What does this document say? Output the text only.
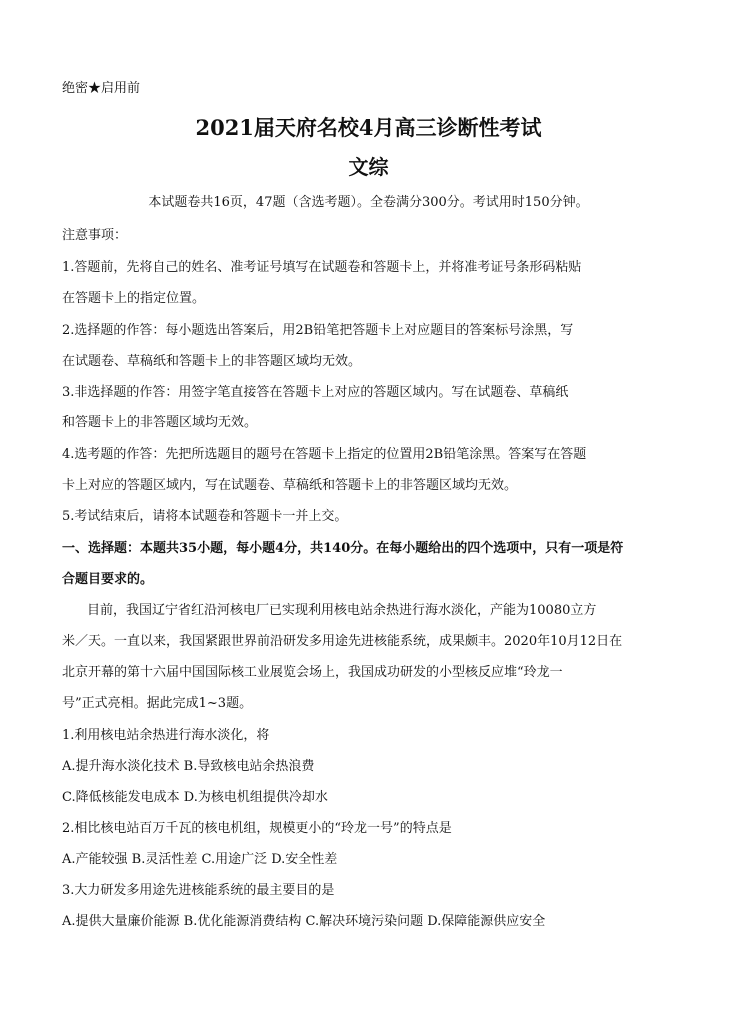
绝密★启用前
2021届天府名校4月高三诊断性考试
文综
本试题卷共16页，47题（含选考题）。全卷满分300分。考试用时150分钟。
注意事项：
1.答题前，先将自己的姓名、准考证号填写在试题卷和答题卡上，并将准考证号条形码粘贴
在答题卡上的指定位置。
2.选择题的作答：每小题选出答案后，用2B铅笔把答题卡上对应题目的答案标号涂黑，写
在试题卷、草稿纸和答题卡上的非答题区域均无效。
3.非选择题的作答：用签字笔直接答在答题卡上对应的答题区域内。写在试题卷、草稿纸
和答题卡上的非答题区域均无效。
4.选考题的作答：先把所选题目的题号在答题卡上指定的位置用2B铅笔涂黑。答案写在答题
卡上对应的答题区域内，写在试题卷、草稿纸和答题卡上的非答题区域均无效。
5.考试结束后，请将本试题卷和答题卡一并上交。
一、选择题：本题共35小题，每小题4分，共140分。在每小题给出的四个选项中，只有一项是符
合题目要求的。
目前，我国辽宁省红沿河核电厂已实现利用核电站余热进行海水淡化，产能为10080立方
米／天。一直以来，我国紧跟世界前沿研发多用途先进核能系统，成果颇丰。2020年10月12日在
北京开幕的第十六届中国国际核工业展览会场上，我国成功研发的小型核反应堆“玲龙一
号”正式亮相。据此完成1~3题。
1.利用核电站余热进行海水淡化，将
A.提升海水淡化技术 B.导致核电站余热浪费
C.降低核能发电成本 D.为核电机组提供冷却水
2.相比核电站百万千瓦的核电机组，规模更小的“玲龙一号”的特点是
A.产能较强 B.灵活性差 C.用途广泛 D.安全性差
3.大力研发多用途先进核能系统的最主要目的是
A.提供大量廉价能源 B.优化能源消费结构 C.解决环境污染问题 D.保障能源供应安全
